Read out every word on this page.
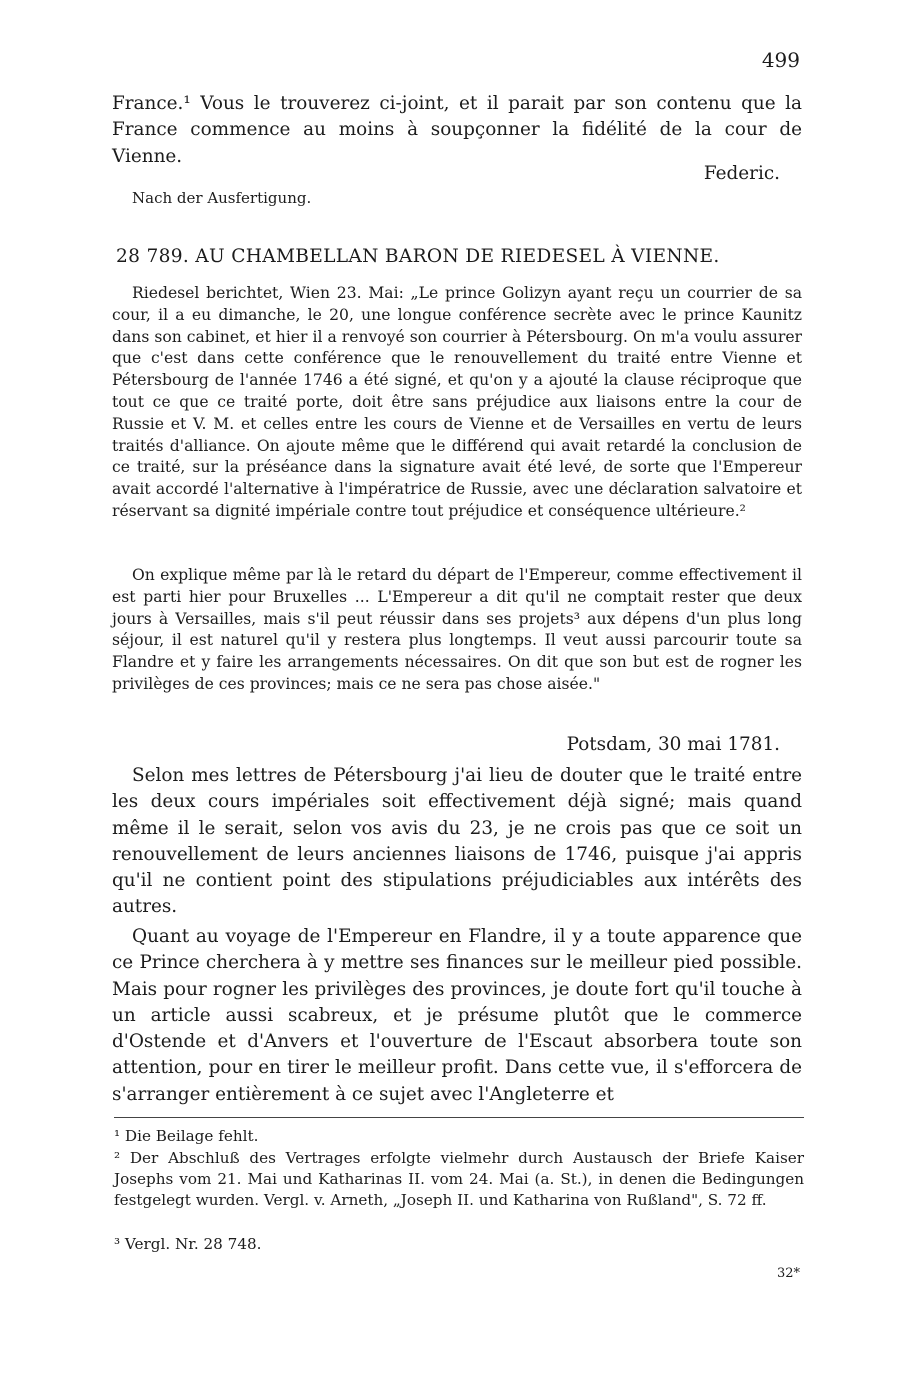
499

France.¹ Vous le trouverez ci-joint, et il parait par son contenu que la France commence au moins à soupçonner la fidélité de la cour de Vienne.

Federic.
Nach der Ausfertigung.
28 789. AU CHAMBELLAN BARON DE RIEDESEL À VIENNE.

Riedesel berichtet, Wien 23. Mai: „Le prince Golizyn ayant reçu un courrier de sa cour, il a eu dimanche, le 20, une longue conférence secrète avec le prince Kaunitz dans son cabinet, et hier il a renvoyé son courrier à Pétersbourg. On m'a voulu assurer que c'est dans cette conférence que le renouvellement du traité entre Vienne et Pétersbourg de l'année 1746 a été signé, et qu'on y a ajouté la clause réciproque que tout ce que ce traité porte, doit être sans préjudice aux liaisons entre la cour de Russie et V. M. et celles entre les cours de Vienne et de Versailles en vertu de leurs traités d'alliance. On ajoute même que le différend qui avait retardé la conclusion de ce traité, sur la préséance dans la signature avait été levé, de sorte que l'Empereur avait accordé l'alternative à l'impératrice de Russie, avec une déclaration salvatoire et réservant sa dignité impériale contre tout préjudice et conséquence ultérieure.²

On explique même par là le retard du départ de l'Empereur, comme effectivement il est parti hier pour Bruxelles ... L'Empereur a dit qu'il ne comptait rester que deux jours à Versailles, mais s'il peut réussir dans ses projets³ aux dépens d'un plus long séjour, il est naturel qu'il y restera plus longtemps. Il veut aussi parcourir toute sa Flandre et y faire les arrangements nécessaires. On dit que son but est de rogner les privilèges de ces provinces; mais ce ne sera pas chose aisée."

Potsdam, 30 mai 1781.

Selon mes lettres de Pétersbourg j'ai lieu de douter que le traité entre les deux cours impériales soit effectivement déjà signé; mais quand même il le serait, selon vos avis du 23, je ne crois pas que ce soit un renouvellement de leurs anciennes liaisons de 1746, puisque j'ai appris qu'il ne contient point des stipulations préjudiciables aux intérêts des autres.

Quant au voyage de l'Empereur en Flandre, il y a toute apparence que ce Prince cherchera à y mettre ses finances sur le meilleur pied possible. Mais pour rogner les privilèges des provinces, je doute fort qu'il touche à un article aussi scabreux, et je présume plutôt que le commerce d'Ostende et d'Anvers et l'ouverture de l'Escaut absorbera toute son attention, pour en tirer le meilleur profit. Dans cette vue, il s'efforcera de s'arranger entièrement à ce sujet avec l'Angleterre et

¹ Die Beilage fehlt.

² Der Abschluß des Vertrages erfolgte vielmehr durch Austausch der Briefe Kaiser Josephs vom 21. Mai und Katharinas II. vom 24. Mai (a. St.), in denen die Bedingungen festgelegt wurden. Vergl. v. Arneth, „Joseph II. und Katharina von Rußland", S. 72 ff.

³ Vergl. Nr. 28 748.

32*
